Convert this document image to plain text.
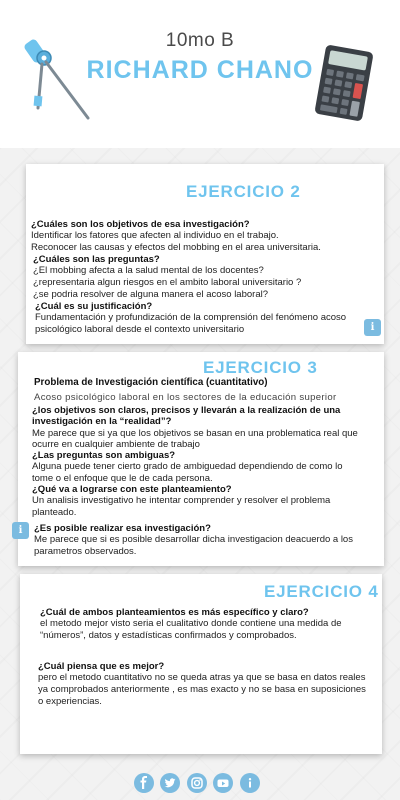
10mo B
RICHARD CHANO
EJERCICIO 2
¿Cuáles son los objetivos de esa investigación?
Identificar los fatores que afecten al individuo en el trabajo.
Reconocer las causas y efectos del mobbing en el area universitaria.
¿Cuáles son las preguntas?
¿El mobbing afecta a la salud mental de los docentes?
¿representaria algun riesgos en el ambito laboral universitario ?
¿se podria resolver de alguna manera el acoso laboral?
¿Cuál es su justificación?
Fundamentación y profundización de la comprensión del fenómeno acoso
psicológico laboral desde el contexto universitario	i
EJERCICIO 3
Problema de Investigación científica (cuantitativo)
Acoso psicológico laboral en los sectores de la educación superior
¿los objetivos son claros, precisos y llevarán a la realización de una
investigación en la “realidad”?
Me parece que si ya que los objetivos se basan en una problematica real que
ocurre en cualquier ambiente de trabajo
¿Las preguntas son ambiguas?
Alguna puede tener cierto grado de ambiguedad dependiendo de como lo
tome o el enfoque que le de cada persona.
¿Qué va a lograrse con este planteamiento?
Un analisis investigativo he intentar comprender y resolver el problema
planteado.
i	¿Es posible realizar esa investigación?
Me parece que si es posible desarrollar dicha investigacion deacuerdo a los
parametros observados.
EJERCICIO 4
¿Cuál de ambos planteamientos es más específico y claro?
el metodo mejor visto seria el cualitativo donde contiene una medida de
“números”, datos y estadísticas confirmados y comprobados.
¿Cuál piensa que es mejor?
pero el metodo cuantitativo no se queda atras ya que se basa en datos reales
ya comprobados anteriormente , es mas exacto y no se basa en suposiciones
o experiencias.
